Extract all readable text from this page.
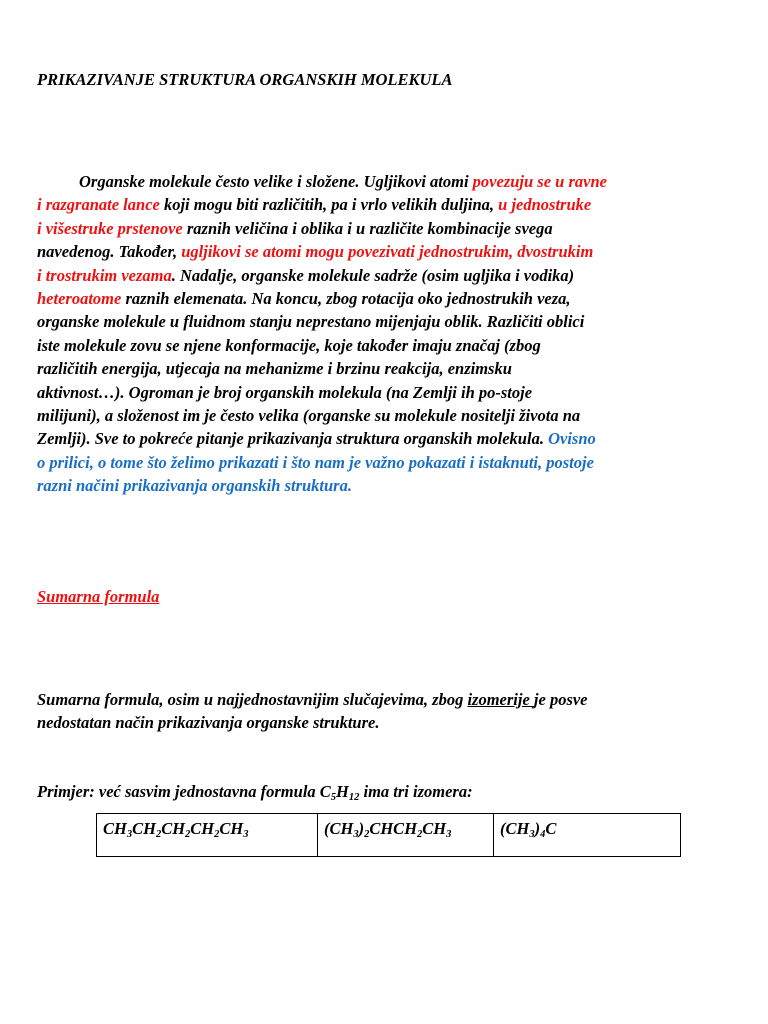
PRIKAZIVANJE STRUKTURA ORGANSKIH MOLEKULA
Organske molekule često velike i složene. Ugljikovi atomi povezuju se u ravne
i razgranate lance koji mogu biti različitih, pa i vrlo velikih duljina, u jednostruke
i višestruke prstenove raznih veličina i oblika i u različite kombinacije svega
navedenog. Također, ugljikovi se atomi mogu povezivati jednostrukim, dvostrukim
i trostrukim vezama. Nadalje, organske molekule sadrže (osim ugljika i vodika)
heteroatome raznih elemenata. Na koncu, zbog rotacija oko jednostrukih veza,
organske molekule u fluidnom stanju neprestano mijenjaju oblik. Različiti oblici
iste molekule zovu se njene konformacije, koje također imaju značaj (zbog
različitih energija, utjecaja na mehanizme i brzinu reakcija, enzimsku
aktivnost…). Ogroman je broj organskih molekula (na Zemlji ih po-stoje
milijuni), a složenost im je često velika (organske su molekule nositelji života na
Zemlji). Sve to pokreće pitanje prikazivanja struktura organskih molekula. Ovisno
o prilici, o tome što želimo prikazati i što nam je važno pokazati i istaknuti, postoje
razni načini prikazivanja organskih struktura.
Sumarna formula
Sumarna formula, osim u najjednostavnijim slučajevima, zbog izomerije je posve
nedostatan način prikazivanja organske strukture.
Primjer: već sasvim jednostavna formula $C_5H_{12}$ ima tri izomera:
$CH_3CH_2CH_2CH_2CH_3$	$(CH_3)_2CHCH_2CH_3$	$(CH_3)_4C$
